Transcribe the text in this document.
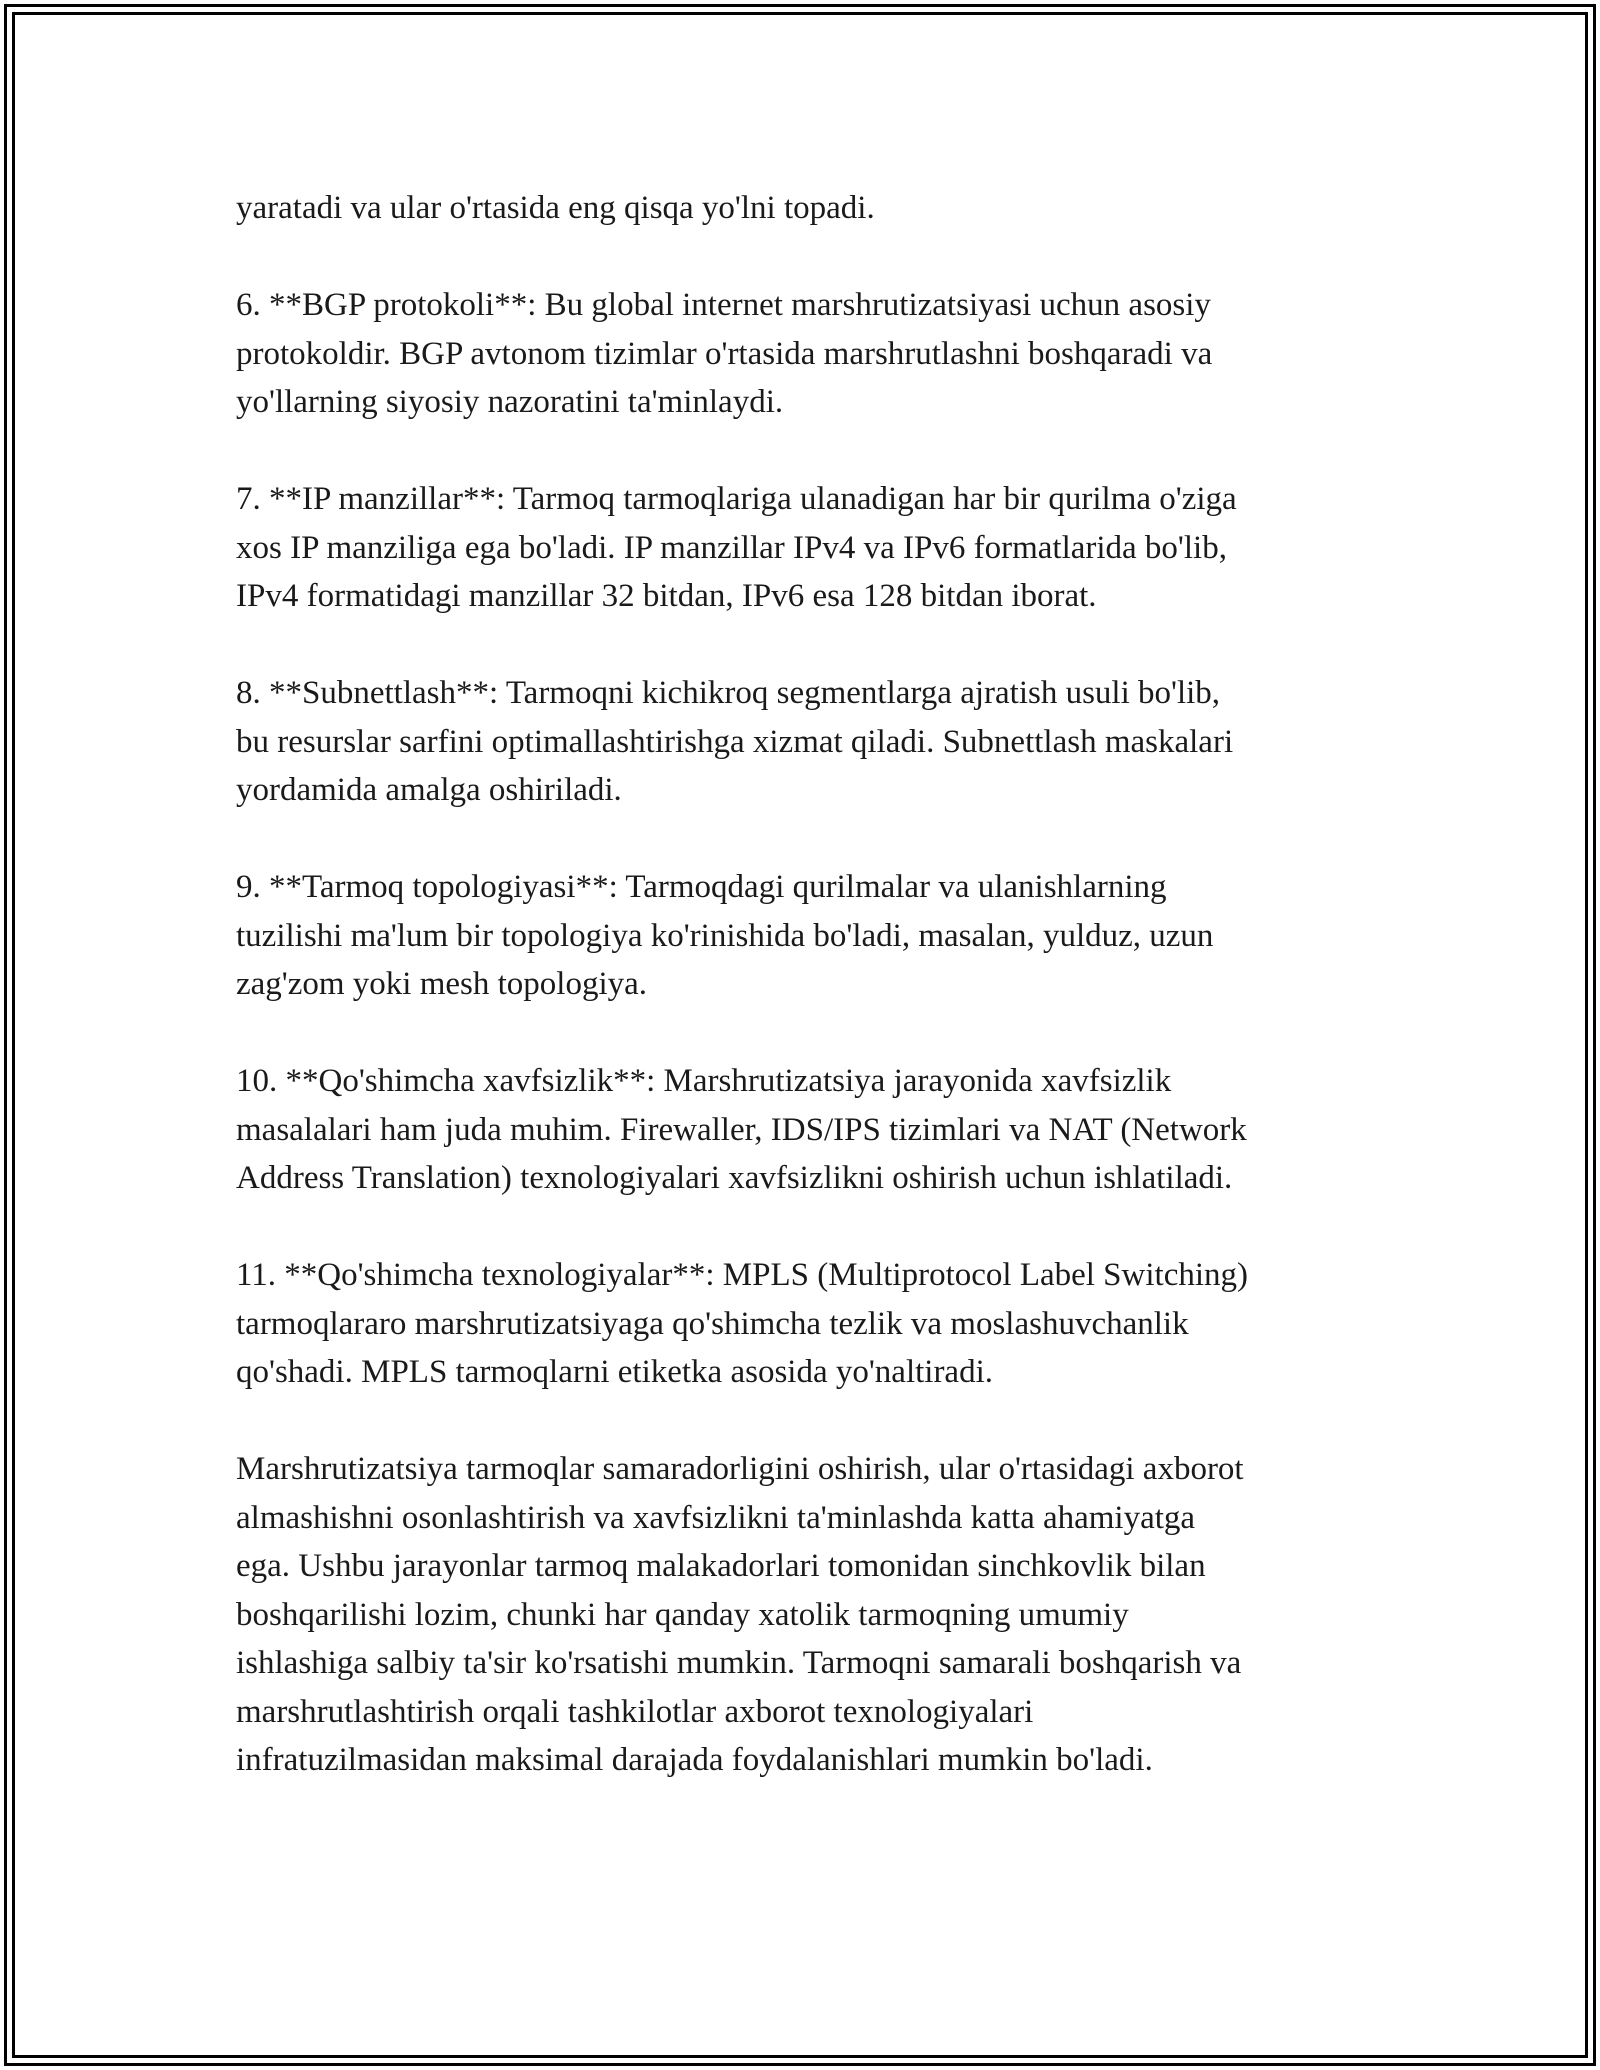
yaratadi va ular o'rtasida eng qisqa yo'lni topadi.

6. **BGP protokoli**: Bu global internet marshrutizatsiyasi uchun asosiy
protokoldir. BGP avtonom tizimlar o'rtasida marshrutlashni boshqaradi va
yo'llarning siyosiy nazoratini ta'minlaydi.

7. **IP manzillar**: Tarmoq tarmoqlariga ulanadigan har bir qurilma o'ziga
xos IP manziliga ega bo'ladi. IP manzillar IPv4 va IPv6 formatlarida bo'lib,
IPv4 formatidagi manzillar 32 bitdan, IPv6 esa 128 bitdan iborat.

8. **Subnettlash**: Tarmoqni kichikroq segmentlarga ajratish usuli bo'lib,
bu resurslar sarfini optimallashtirishga xizmat qiladi. Subnettlash maskalari
yordamida amalga oshiriladi.

9. **Tarmoq topologiyasi**: Tarmoqdagi qurilmalar va ulanishlarning
tuzilishi ma'lum bir topologiya ko'rinishida bo'ladi, masalan, yulduz, uzun
zag'zom yoki mesh topologiya.

10. **Qo'shimcha xavfsizlik**: Marshrutizatsiya jarayonida xavfsizlik
masalalari ham juda muhim. Firewaller, IDS/IPS tizimlari va NAT (Network
Address Translation) texnologiyalari xavfsizlikni oshirish uchun ishlatiladi.

11. **Qo'shimcha texnologiyalar**: MPLS (Multiprotocol Label Switching)
tarmoqlararo marshrutizatsiyaga qo'shimcha tezlik va moslashuvchanlik
qo'shadi. MPLS tarmoqlarni etiketka asosida yo'naltiradi.

Marshrutizatsiya tarmoqlar samaradorligini oshirish, ular o'rtasidagi axborot
almashishni osonlashtirish va xavfsizlikni ta'minlashda katta ahamiyatga
ega. Ushbu jarayonlar tarmoq malakadorlari tomonidan sinchkovlik bilan
boshqarilishi lozim, chunki har qanday xatolik tarmoqning umumiy
ishlashiga salbiy ta'sir ko'rsatishi mumkin. Tarmoqni samarali boshqarish va
marshrutlashtirish orqali tashkilotlar axborot texnologiyalari
infratuzilmasidan maksimal darajada foydalanishlari mumkin bo'ladi.
